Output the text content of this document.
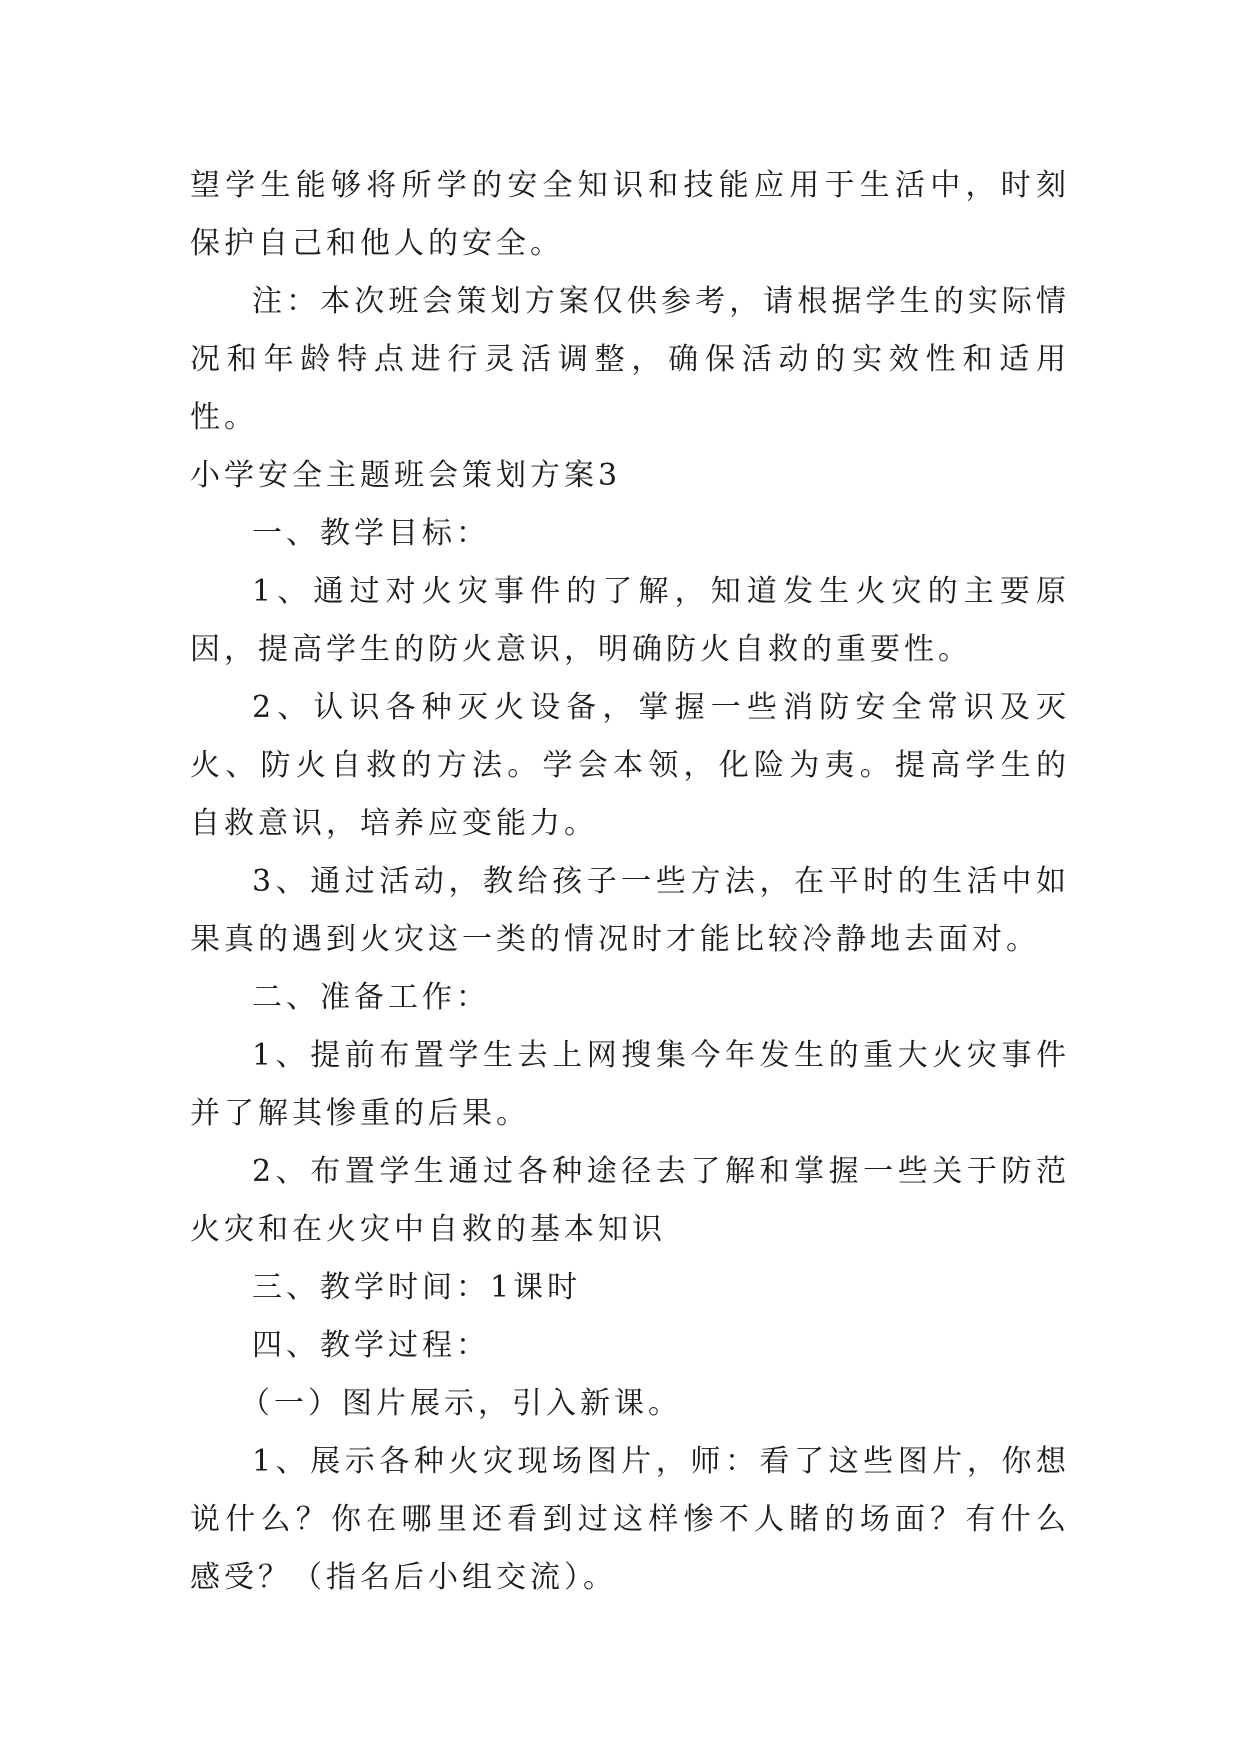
望学生能够将所学的安全知识和技能应用于生活中，时刻保护自己和他人的安全。

注：本次班会策划方案仅供参考，请根据学生的实际情况和年龄特点进行灵活调整，确保活动的实效性和适用性。

小学安全主题班会策划方案3

一、教学目标：

1、通过对火灾事件的了解，知道发生火灾的主要原因，提高学生的防火意识，明确防火自救的重要性。

2、认识各种灭火设备，掌握一些消防安全常识及灭火、防火自救的方法。学会本领，化险为夷。提高学生的自救意识，培养应变能力。

3、通过活动，教给孩子一些方法，在平时的生活中如果真的遇到火灾这一类的情况时才能比较冷静地去面对。

二、准备工作：

1、提前布置学生去上网搜集今年发生的重大火灾事件并了解其惨重的后果。

2、布置学生通过各种途径去了解和掌握一些关于防范火灾和在火灾中自救的基本知识

三、教学时间：1课时

四、教学过程：

（一）图片展示，引入新课。

1、展示各种火灾现场图片，师：看了这些图片，你想说什么？你在哪里还看到过这样惨不人睹的场面？有什么感受？（指名后小组交流）。
